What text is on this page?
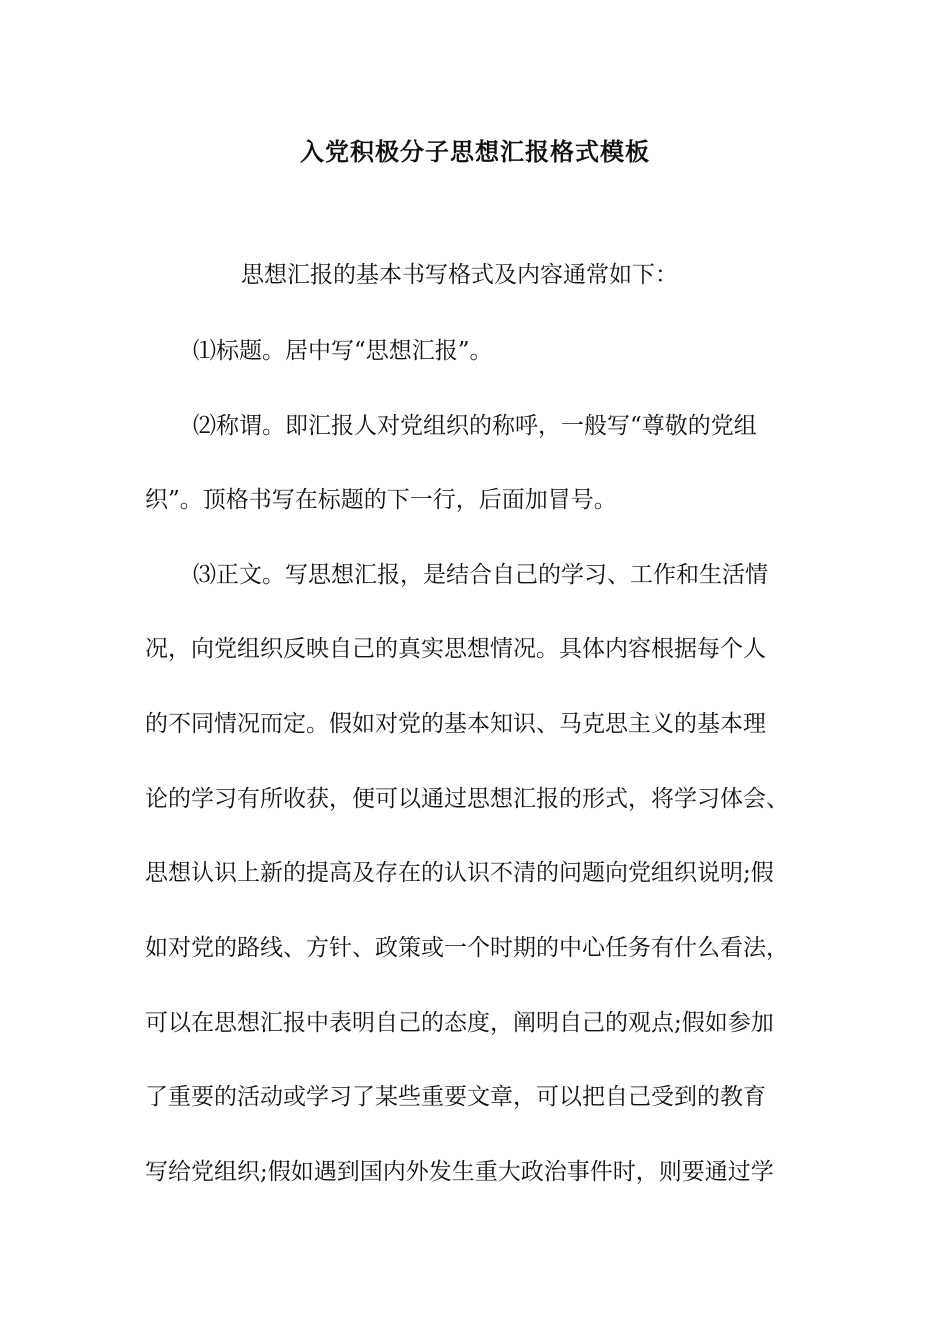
入党积极分子思想汇报格式模板

思想汇报的基本书写格式及内容通常如下：

⑴标题。居中写“思想汇报”。

⑵称谓。即汇报人对党组织的称呼，一般写“尊敬的党组

织”。顶格书写在标题的下一行，后面加冒号。

⑶正文。写思想汇报，是结合自己的学习、工作和生活情

况，向党组织反映自己的真实思想情况。具体内容根据每个人

的不同情况而定。假如对党的基本知识、马克思主义的基本理

论的学习有所收获，便可以通过思想汇报的形式，将学习体会、

思想认识上新的提高及存在的认识不清的问题向党组织说明;假

如对党的路线、方针、政策或一个时期的中心任务有什么看法，

可以在思想汇报中表明自己的态度，阐明自己的观点;假如参加

了重要的活动或学习了某些重要文章，可以把自己受到的教育

写给党组织;假如遇到国内外发生重大政治事件时，则要通过学
